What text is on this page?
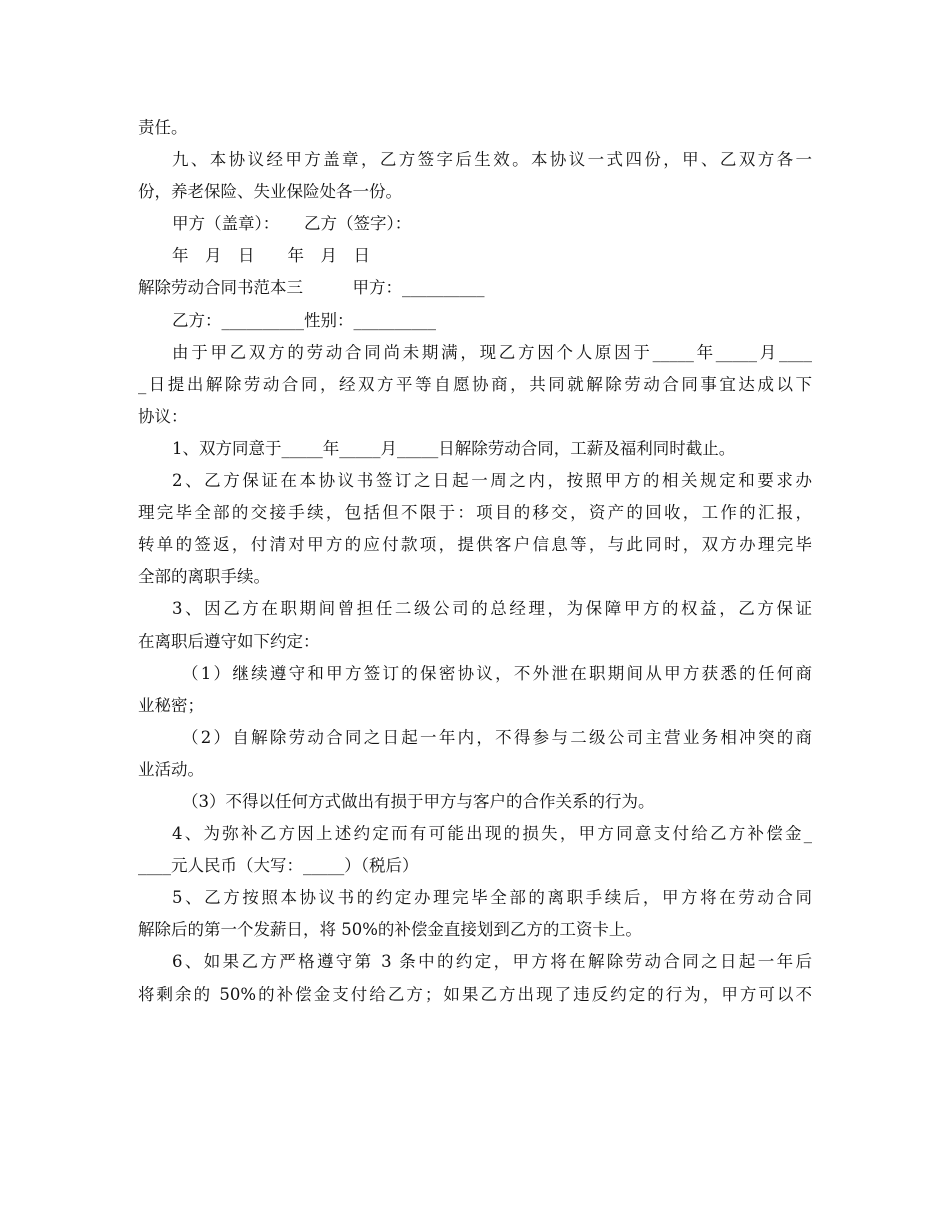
责任。
九、本协议经甲方盖章，乙方签字后生效。本协议一式四份，甲、乙双方各一
份，养老保险、失业保险处各一份。
甲方（盖章）：　　乙方（签字）：
年　月　日　　年　月　日
解除劳动合同书范本三　　　甲方：__________
乙方：__________性别：__________
由于甲乙双方的劳动合同尚未期满，现乙方因个人原因于_____年_____月____
_日提出解除劳动合同，经双方平等自愿协商，共同就解除劳动合同事宜达成以下
协议：
1、双方同意于_____年_____月_____日解除劳动合同，工薪及福利同时截止。
2、乙方保证在本协议书签订之日起一周之内，按照甲方的相关规定和要求办
理完毕全部的交接手续，包括但不限于：项目的移交，资产的回收，工作的汇报，
转单的签返，付清对甲方的应付款项，提供客户信息等，与此同时，双方办理完毕
全部的离职手续。
3、因乙方在职期间曾担任二级公司的总经理，为保障甲方的权益，乙方保证
在离职后遵守如下约定：
（1）继续遵守和甲方签订的保密协议，不外泄在职期间从甲方获悉的任何商
业秘密；
（2）自解除劳动合同之日起一年内，不得参与二级公司主营业务相冲突的商
业活动。
（3）不得以任何方式做出有损于甲方与客户的合作关系的行为。
4、为弥补乙方因上述约定而有可能出现的损失，甲方同意支付给乙方补偿金_
____元人民币（大写：_____）（税后）
5、乙方按照本协议书的约定办理完毕全部的离职手续后，甲方将在劳动合同
解除后的第一个发薪日，将 50%的补偿金直接划到乙方的工资卡上。
6、如果乙方严格遵守第 3 条中的约定，甲方将在解除劳动合同之日起一年后
将剩余的 50%的补偿金支付给乙方；如果乙方出现了违反约定的行为，甲方可以不
